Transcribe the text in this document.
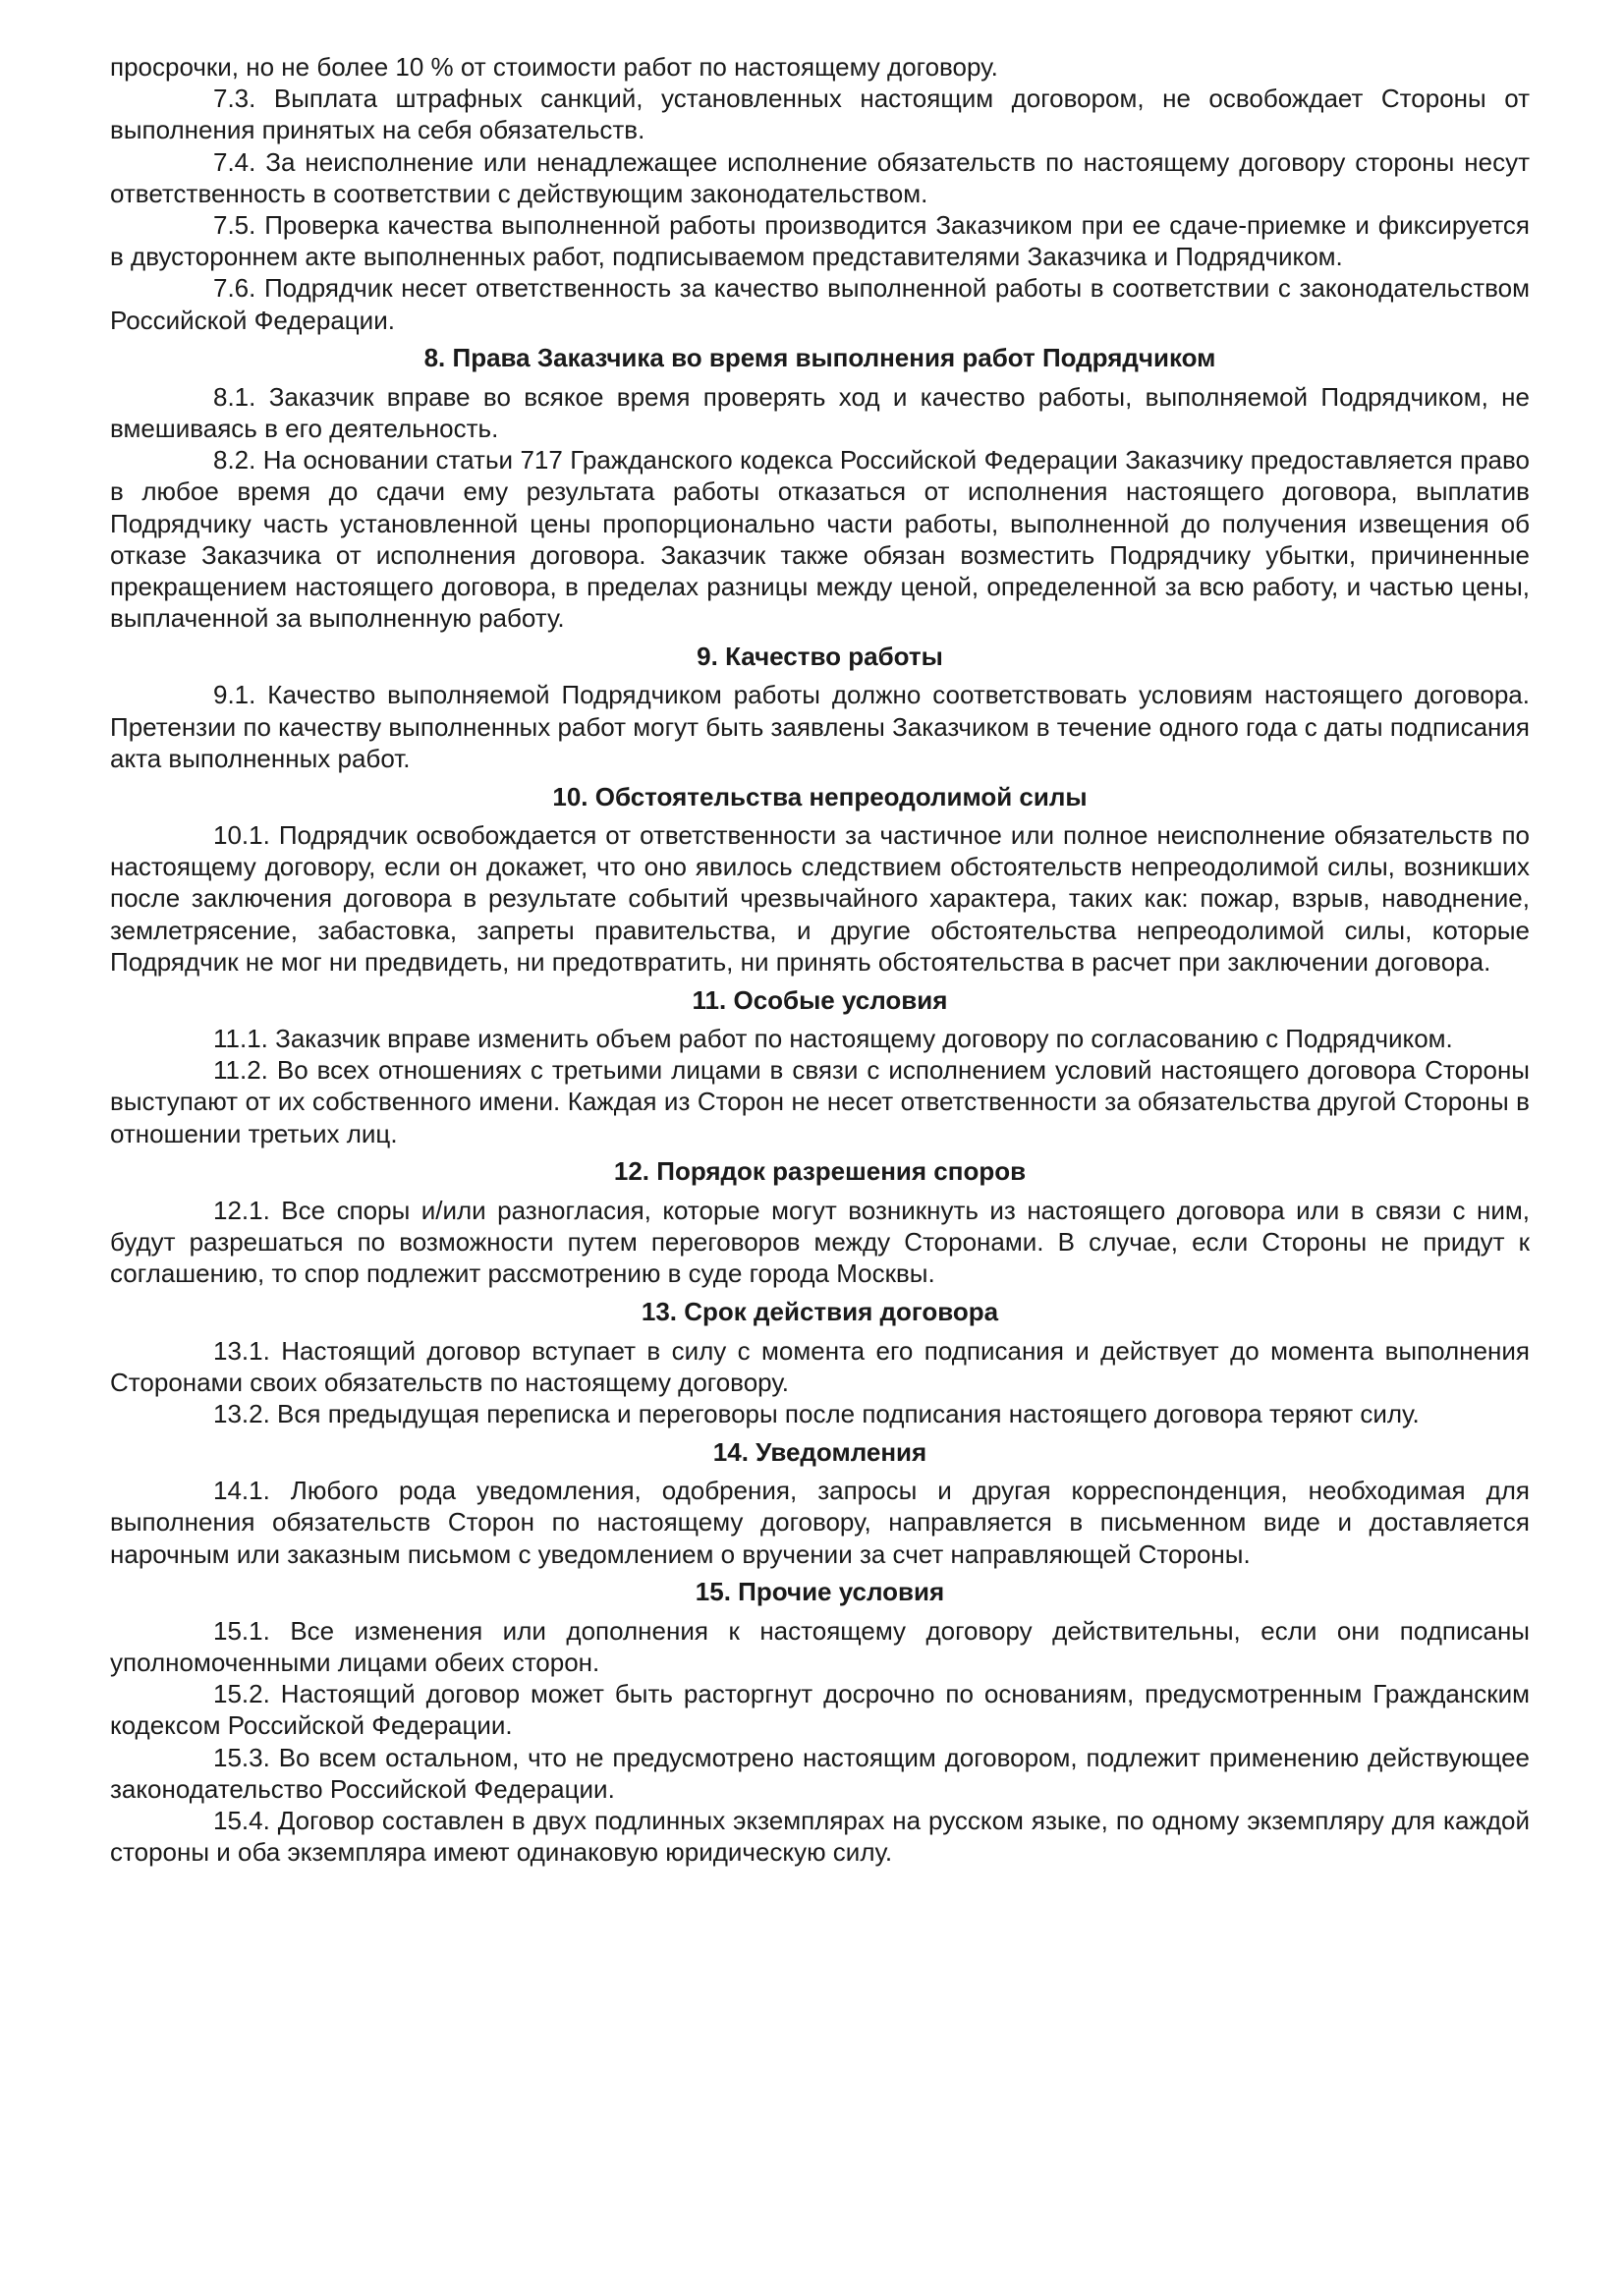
просрочки, но не более 10 % от стоимости работ по настоящему договору.

7.3. Выплата штрафных санкций, установленных настоящим договором, не освобождает Стороны от выполнения принятых на себя обязательств.

7.4. За неисполнение или ненадлежащее исполнение обязательств по настоящему договору стороны несут ответственность в соответствии с действующим законодательством.

7.5. Проверка качества выполненной работы производится Заказчиком при ее сдаче-приемке и фиксируется в двустороннем акте выполненных работ, подписываемом представителями Заказчика и Подрядчиком.

7.6. Подрядчик несет ответственность за качество выполненной работы в соответствии с законодательством Российской Федерации.

8. Права Заказчика во время выполнения работ Подрядчиком

8.1. Заказчик вправе во всякое время проверять ход и качество работы, выполняемой Подрядчиком, не вмешиваясь в его деятельность.

8.2. На основании статьи 717 Гражданского кодекса Российской Федерации Заказчику предоставляется право в любое время до сдачи ему результата работы отказаться от исполнения настоящего договора, выплатив Подрядчику часть установленной цены пропорционально части работы, выполненной до получения извещения об отказе Заказчика от исполнения договора. Заказчик также обязан возместить Подрядчику убытки, причиненные прекращением настоящего договора, в пределах разницы между ценой, определенной за всю работу, и частью цены, выплаченной за выполненную работу.

9. Качество работы

9.1. Качество выполняемой Подрядчиком работы должно соответствовать условиям настоящего договора. Претензии по качеству выполненных работ могут быть заявлены Заказчиком в течение одного года с даты подписания акта выполненных работ.

10. Обстоятельства непреодолимой силы

10.1. Подрядчик освобождается от ответственности за частичное или полное неисполнение обязательств по настоящему договору, если он докажет, что оно явилось следствием обстоятельств непреодолимой силы, возникших после заключения договора в результате событий чрезвычайного характера, таких как: пожар, взрыв, наводнение, землетрясение, забастовка, запреты правительства, и другие обстоятельства непреодолимой силы, которые Подрядчик не мог ни предвидеть, ни предотвратить, ни принять обстоятельства в расчет при заключении договора.

11. Особые условия

11.1. Заказчик вправе изменить объем работ по настоящему договору по согласованию с Подрядчиком.

11.2. Во всех отношениях с третьими лицами в связи с исполнением условий настоящего договора Стороны выступают от их собственного имени. Каждая из Сторон не несет ответственности за обязательства другой Стороны в отношении третьих лиц.

12. Порядок разрешения споров

12.1. Все споры и/или разногласия, которые могут возникнуть из настоящего договора или в связи с ним, будут разрешаться по возможности путем переговоров между Сторонами. В случае, если Стороны не придут к соглашению, то спор подлежит рассмотрению в суде города Москвы.

13. Срок действия договора

13.1. Настоящий договор вступает в силу с момента его подписания и действует до момента выполнения Сторонами своих обязательств по настоящему договору.

13.2. Вся предыдущая переписка и переговоры после подписания настоящего договора теряют силу.

14. Уведомления

14.1. Любого рода уведомления, одобрения, запросы и другая корреспонденция, необходимая для выполнения обязательств Сторон по настоящему договору, направляется в письменном виде и доставляется нарочным или заказным письмом с уведомлением о вручении за счет направляющей Стороны.

15. Прочие условия

15.1. Все изменения или дополнения к настоящему договору действительны, если они подписаны уполномоченными лицами обеих сторон.

15.2. Настоящий договор может быть расторгнут досрочно по основаниям, предусмотренным Гражданским кодексом Российской Федерации.

15.3. Во всем остальном, что не предусмотрено настоящим договором, подлежит применению действующее законодательство Российской Федерации.

15.4. Договор составлен в двух подлинных экземплярах на русском языке, по одному экземпляру для каждой стороны и оба экземпляра имеют одинаковую юридическую силу.
